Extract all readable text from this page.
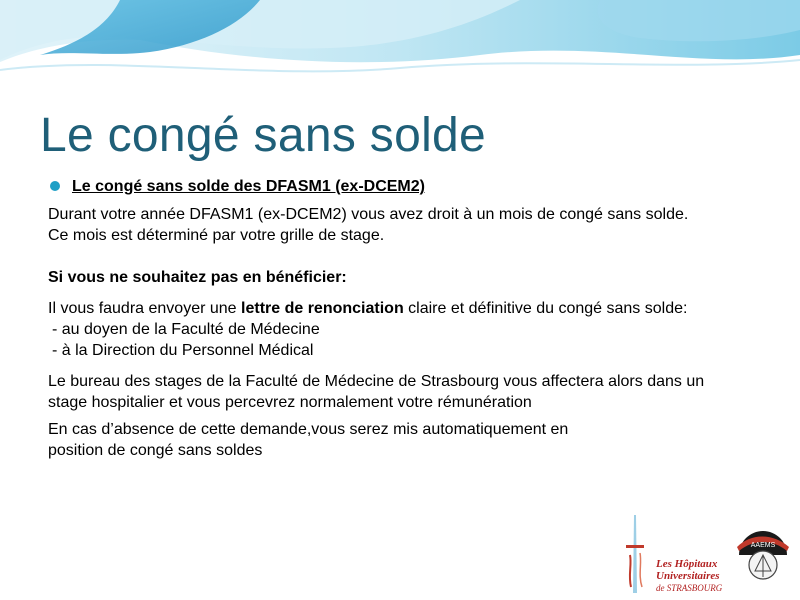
Le congé sans solde
Le congé sans solde des DFASM1 (ex-DCEM2)

Durant votre année DFASM1 (ex-DCEM2) vous avez droit à un mois de congé sans solde.

Ce mois est déterminé par votre grille de stage.

Si vous ne souhaitez pas en bénéficier:

Il vous faudra envoyer une lettre de renonciation claire et définitive du congé sans solde:

- au doyen de la Faculté de Médecine

- à la Direction du Personnel Médical

Le bureau des stages de la Faculté de Médecine de Strasbourg vous affectera alors dans un

stage hospitalier et vous percevrez normalement votre rémunération

En cas d’absence de cette demande,vous serez mis automatiquement en

position de congé sans soldes

Les Hôpitaux
Universitaires
de STRASBOURG
AAEMS
